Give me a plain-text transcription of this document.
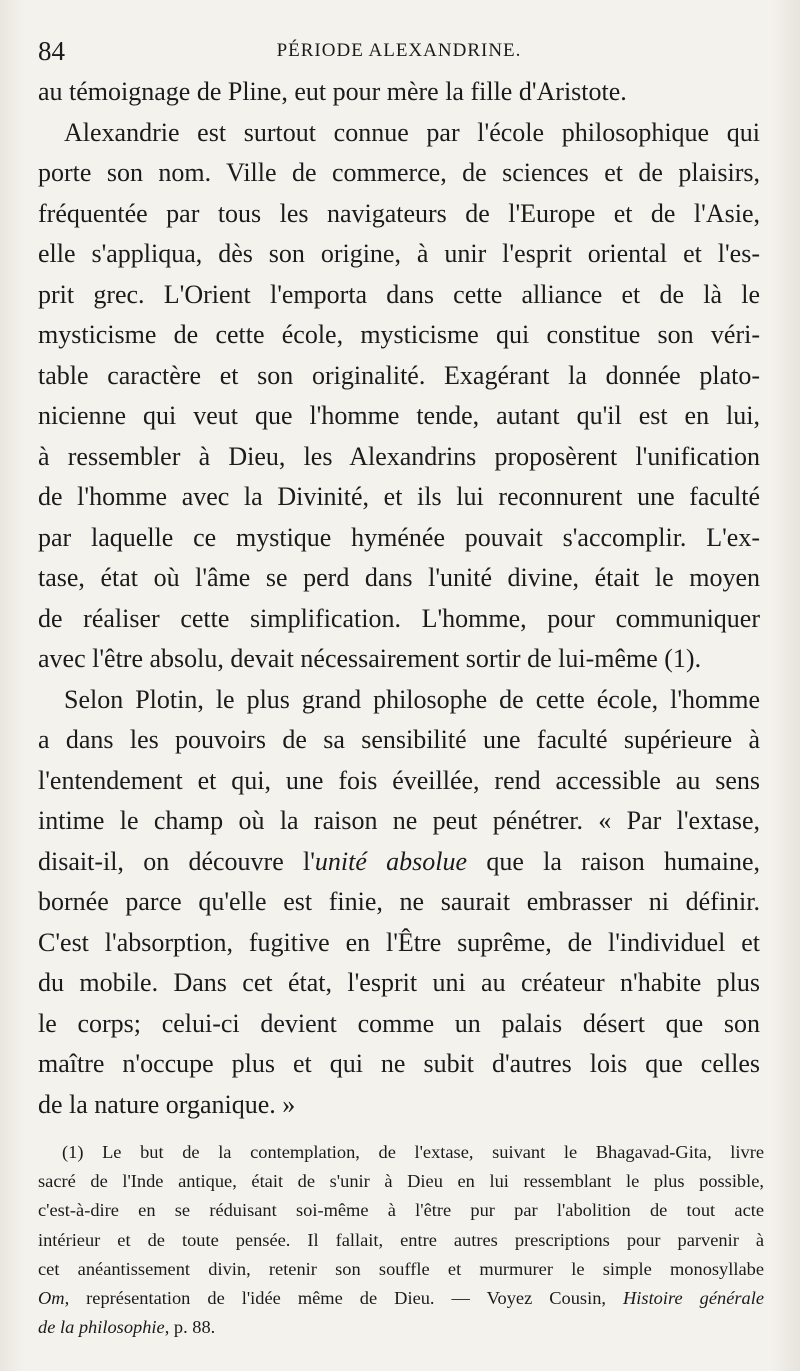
84	PÉRIODE ALEXANDRINE.
au témoignage de Pline, eut pour mère la fille d'Aristote.
Alexandrie est surtout connue par l'école philosophique qui
porte son nom. Ville de commerce, de sciences et de plaisirs,
fréquentée par tous les navigateurs de l'Europe et de l'Asie,
elle s'appliqua, dès son origine, à unir l'esprit oriental et l'es-
prit grec. L'Orient l'emporta dans cette alliance et de là le
mysticisme de cette école, mysticisme qui constitue son véri-
table caractère et son originalité. Exagérant la donnée plato-
nicienne qui veut que l'homme tende, autant qu'il est en lui,
à ressembler à Dieu, les Alexandrins proposèrent l'unification
de l'homme avec la Divinité, et ils lui reconnurent une faculté
par laquelle ce mystique hyménée pouvait s'accomplir. L'ex-
tase, état où l'âme se perd dans l'unité divine, était le moyen
de réaliser cette simplification. L'homme, pour communiquer
avec l'être absolu, devait nécessairement sortir de lui-même (1).
Selon Plotin, le plus grand philosophe de cette école, l'homme
a dans les pouvoirs de sa sensibilité une faculté supérieure à
l'entendement et qui, une fois éveillée, rend accessible au sens
intime le champ où la raison ne peut pénétrer. « Par l'extase,
disait-il, on découvre l'unité absolue que la raison humaine,
bornée parce qu'elle est finie, ne saurait embrasser ni définir.
C'est l'absorption, fugitive en l'Être suprême, de l'individuel et
du mobile. Dans cet état, l'esprit uni au créateur n'habite plus
le corps; celui-ci devient comme un palais désert que son
maître n'occupe plus et qui ne subit d'autres lois que celles
de la nature organique. »
(1) Le but de la contemplation, de l'extase, suivant le Bhagavad-Gita, livre
sacré de l'Inde antique, était de s'unir à Dieu en lui ressemblant le plus possible,
c'est-à-dire en se réduisant soi-même à l'être pur par l'abolition de tout acte
intérieur et de toute pensée. Il fallait, entre autres prescriptions pour parvenir à
cet anéantissement divin, retenir son souffle et murmurer le simple monosyllabe
Om, représentation de l'idée même de Dieu. — Voyez Cousin, Histoire générale
de la philosophie, p. 88.
